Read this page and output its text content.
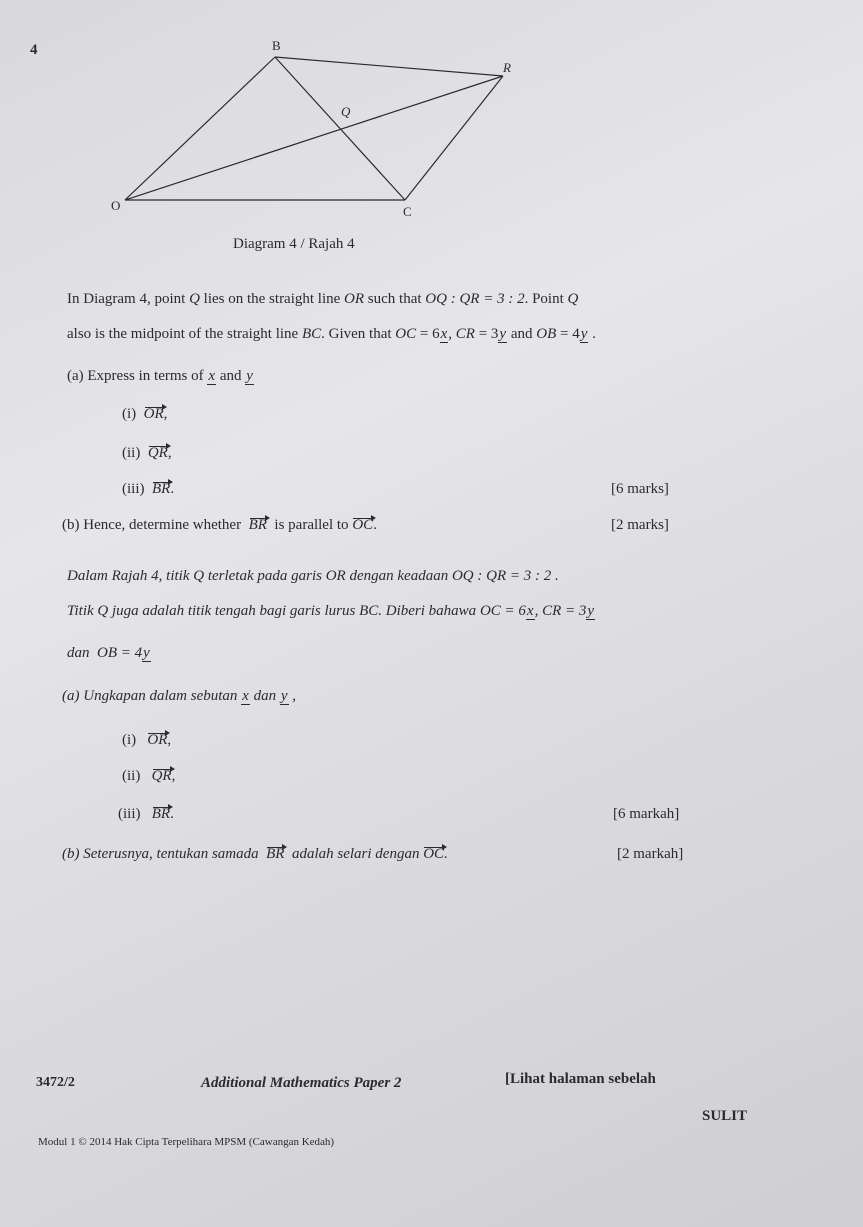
4	B
R
Q
O	C
Diagram 4 / Rajah 4
In Diagram 4, point Q lies on the straight line OR such that OQ : QR = 3 : 2. Point Q
also is the midpoint of the straight line BC. Given that OC = 6x, CR = 3y and OB = 4y .
(a) Express in terms of x and y
(i) OR,
(ii) QR,
(iii) BR.	[6 marks]
(b) Hence, determine whether BR is parallel to OC.	[2 marks]
Dalam Rajah 4, titik Q terletak pada garis OR dengan keadaan OQ : QR = 3 : 2 .
Titik Q juga adalah titik tengah bagi garis lurus BC. Diberi bahawa OC = 6x, CR = 3y
dan OB = 4y
(a) Ungkapan dalam sebutan x dan y ,
(i) OR,
(ii) QR,
(iii) BR.	[6 markah]
(b) Seterusnya, tentukan samada BR adalah selari dengan OC.	[2 markah]
3472/2	Additional Mathematics Paper 2	[Lihat halaman sebelah
SULIT
Modul 1 © 2014 Hak Cipta Terpelihara MPSM (Cawangan Kedah)
